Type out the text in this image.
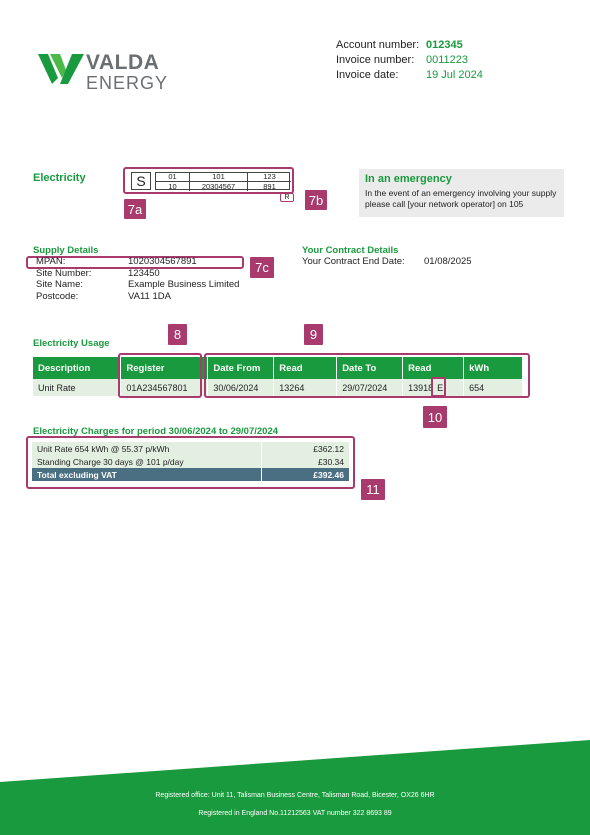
VALDA
ENERGY
Account number: 012345
Invoice number:	0011223
Invoice date:	19 Jul 2024
Electricity	S	01	101	123
10	20304567	891
R
7a
7b
In an emergency

In the event of an emergency involving your supply please call [your network operator] on 105

Supply Details
MPAN:	1020304567891
Site Number:	123450
Site Name:	Example Business Limited
Postcode:	VA11 1DA
7c
Your Contract Details
Your Contract End Date:	01/08/2025
Electricity Usage
8	9
Description	Register	Date From	Read	Date To	Read	kWh
Unit Rate	01A234567801	30/06/2024	13264	29/07/2024	13918 E	654
10
Electricity Charges for period 30/06/2024 to 29/07/2024
Unit Rate 654 kWh @ 55.37 p/kWh	£362.12
Standing Charge 30 days @ 101 p/day	£30.34
Total excluding VAT	£392.46
11
Registered office: Unit 11, Talisman Business Centre, Talisman Road, Bicester, OX26 6HR
Registered in England No.11212563 VAT number 322 8693 89
